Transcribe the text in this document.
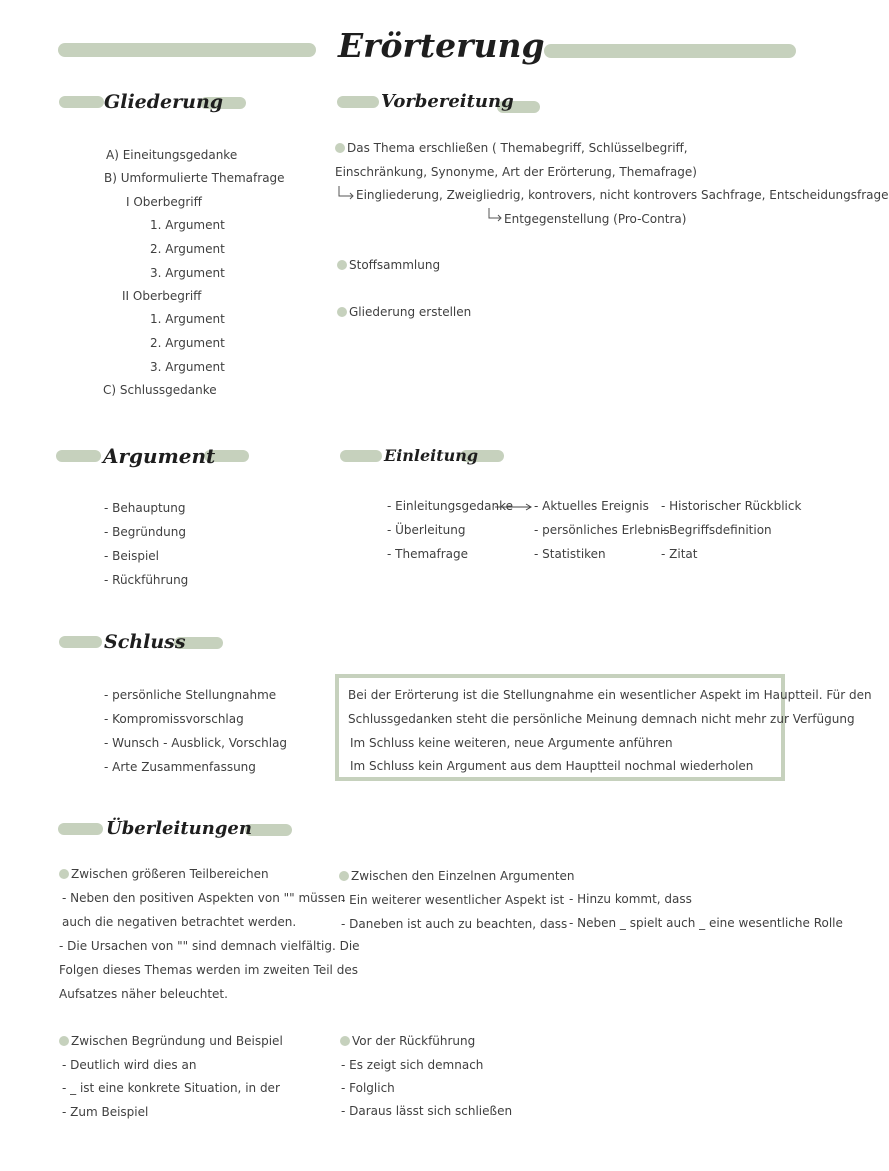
Erörterung
Gliederung
A) Eineitungsgedanke
B) Umformulierte Themafrage
I Oberbegriff
1. Argument
2. Argument
3. Argument
II Oberbegriff
1. Argument
2. Argument
3. Argument
C) Schlussgedanke
Vorbereitung
Das Thema erschließen ( Themabegriff, Schlüsselbegriff,
Einschränkung, Synonyme, Art der Erörterung, Themafrage)
Eingliederung, Zweigliedrig, kontrovers, nicht kontrovers Sachfrage, Entscheidungsfrage
Entgegenstellung (Pro-Contra)
Stoffsammlung
Gliederung erstellen
Argument
- Behauptung
- Begründung
- Beispiel
- Rückführung
Einleitung
- Einleitungsgedanke
- Überleitung
- Themafrage
- Aktuelles Ereignis
- persönliches Erlebnis
- Statistiken
- Historischer Rückblick
- Begriffsdefinition
- Zitat
Schluss
- persönliche Stellungnahme
- Kompromissvorschlag
- Wunsch - Ausblick, Vorschlag
- Arte Zusammenfassung
Bei der Erörterung ist die Stellungnahme ein wesentlicher Aspekt im Hauptteil. Für den
Schlussgedanken steht die persönliche Meinung demnach nicht mehr zur Verfügung
Im Schluss keine weiteren, neue Argumente anführen
Im Schluss kein Argument aus dem Hauptteil nochmal wiederholen
Überleitungen
Zwischen größeren Teilbereichen
- Neben den positiven Aspekten von "" müssen
auch die negativen betrachtet werden.
- Die Ursachen von "" sind demnach vielfältig. Die
Folgen dieses Themas werden im zweiten Teil des
Aufsatzes näher beleuchtet.
Zwischen den Einzelnen Argumenten
- Ein weiterer wesentlicher Aspekt ist
- Daneben ist auch zu beachten, dass
- Hinzu kommt, dass
- Neben _ spielt auch _ eine wesentliche Rolle
Zwischen Begründung und Beispiel
- Deutlich wird dies an
- _ ist eine konkrete Situation, in der
- Zum Beispiel
Vor der Rückführung
- Es zeigt sich demnach
- Folglich
- Daraus lässt sich schließen
